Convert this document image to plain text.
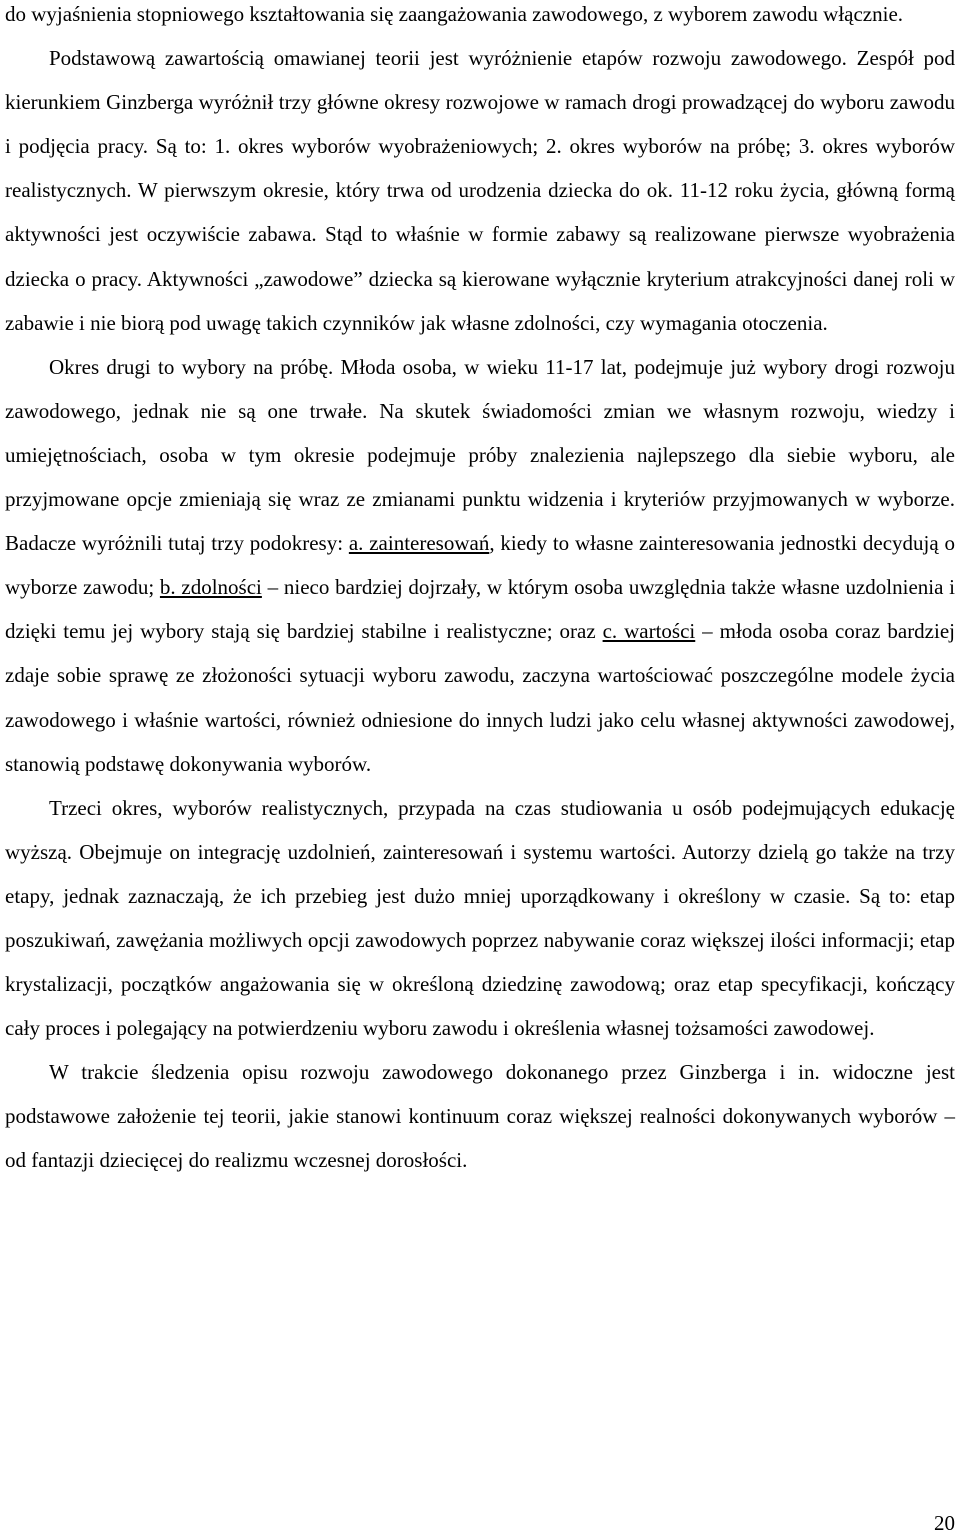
do wyjaśnienia stopniowego kształtowania się zaangażowania zawodowego, z wyborem zawodu włącznie.

Podstawową zawartością omawianej teorii jest wyróżnienie etapów rozwoju zawodowego. Zespół pod kierunkiem Ginzberga wyróżnił trzy główne okresy rozwojowe w ramach drogi prowadzącej do wyboru zawodu i podjęcia pracy. Są to: 1. okres wyborów wyobrażeniowych; 2. okres wyborów na próbę; 3. okres wyborów realistycznych. W pierwszym okresie, który trwa od urodzenia dziecka do ok. 11-12 roku życia, główną formą aktywności jest oczywiście zabawa. Stąd to właśnie w formie zabawy są realizowane pierwsze wyobrażenia dziecka o pracy. Aktywności „zawodowe” dziecka są kierowane wyłącznie kryterium atrakcyjności danej roli w zabawie i nie biorą pod uwagę takich czynników jak własne zdolności, czy wymagania otoczenia.

Okres drugi to wybory na próbę. Młoda osoba, w wieku 11-17 lat, podejmuje już wybory drogi rozwoju zawodowego, jednak nie są one trwałe. Na skutek świadomości zmian we własnym rozwoju, wiedzy i umiejętnościach, osoba w tym okresie podejmuje próby znalezienia najlepszego dla siebie wyboru, ale przyjmowane opcje zmieniają się wraz ze zmianami punktu widzenia i kryteriów przyjmowanych w wyborze. Badacze wyróżnili tutaj trzy podokresy: a. zainteresowań, kiedy to własne zainteresowania jednostki decydują o wyborze zawodu; b. zdolności – nieco bardziej dojrzały, w którym osoba uwzględnia także własne uzdolnienia i dzięki temu jej wybory stają się bardziej stabilne i realistyczne; oraz c. wartości – młoda osoba coraz bardziej zdaje sobie sprawę ze złożoności sytuacji wyboru zawodu, zaczyna wartościować poszczególne modele życia zawodowego i właśnie wartości, również odniesione do innych ludzi jako celu własnej aktywności zawodowej, stanowią podstawę dokonywania wyborów.

Trzeci okres, wyborów realistycznych, przypada na czas studiowania u osób podejmujących edukację wyższą. Obejmuje on integrację uzdolnień, zainteresowań i systemu wartości. Autorzy dzielą go także na trzy etapy, jednak zaznaczają, że ich przebieg jest dużo mniej uporządkowany i określony w czasie. Są to: etap poszukiwań, zawężania możliwych opcji zawodowych poprzez nabywanie coraz większej ilości informacji; etap krystalizacji, początków angażowania się w określoną dziedzinę zawodową; oraz etap specyfikacji, kończący cały proces i polegający na potwierdzeniu wyboru zawodu i określenia własnej tożsamości zawodowej.

W trakcie śledzenia opisu rozwoju zawodowego dokonanego przez Ginzberga i in. widoczne jest podstawowe założenie tej teorii, jakie stanowi kontinuum coraz większej realności dokonywanych wyborów – od fantazji dziecięcej do realizmu wczesnej dorosłości.

20
